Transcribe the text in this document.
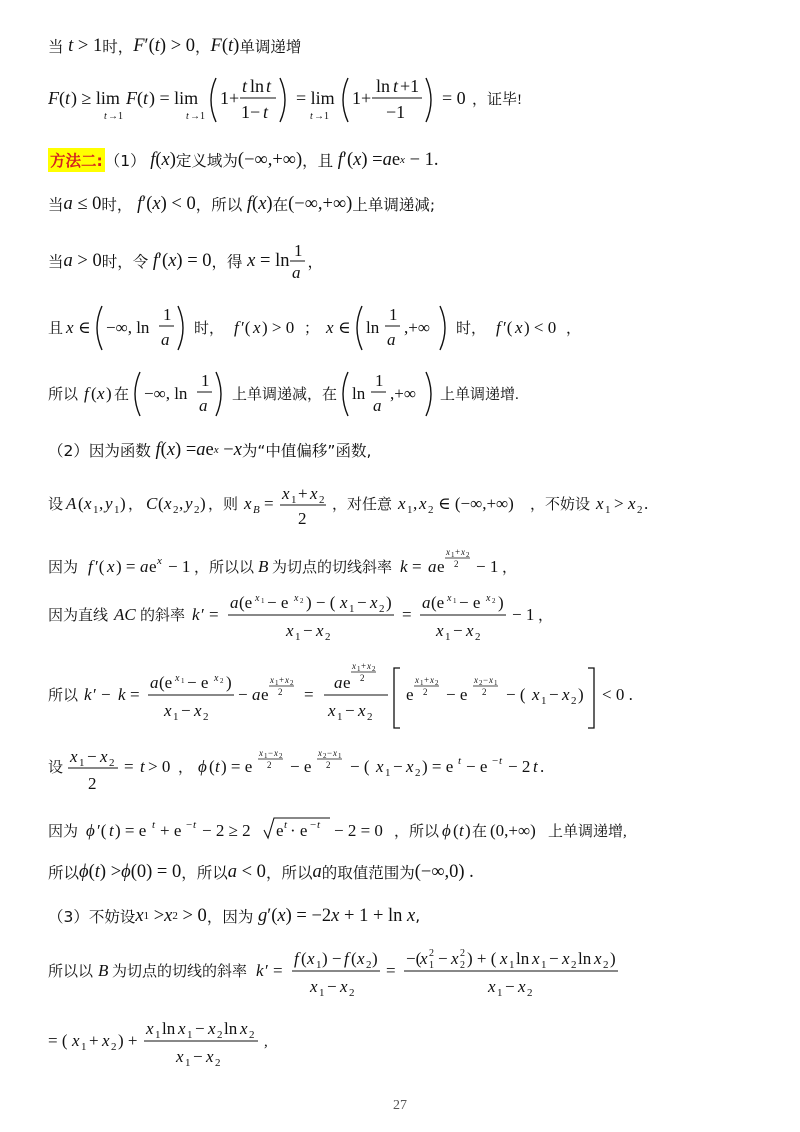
当 t > 1 时， F ′( t ) > 0 ， F ( t ) 单调递增
F ( t ) ≥ lim F ( t ) = lim
t →1	t →1
1+
t ln t
1− t
= lim
t →1
1+
ln t +1
−1
= 0 ，证毕!
方法二: （1） f ( x ) 定义域为 (−∞,+∞) ，且 f ′( x ) = a e x − 1.
当 a ≤ 0 时， f ′( x ) < 0 ，所以 f ( x ) 在 (−∞,+∞) 上单调递减;
当 a > 0 时，令 f ′( x ) = 0 ，得 x = ln 1
a
，
且 x ∈ −∞, ln
1
a
时， f ′( x ) > 0 ； x ∈ ln
1
a
,+∞ 时， f ′( x ) < 0 ，
所以 f ( x ) 在 −∞, ln
1
a
上单调递减，在 ln
1
a
,+∞ 上单调递增.
（2）因为函数 f ( x ) = a e x − x 为“中值偏移”函数,
设 A ( x 1 , y 1 ) ， C ( x 2 , y 2 ) ，则 x B =
x 1 + x 2
2
，对任意 x 1 , x 2 ∈ (−∞,+∞) ，不妨设 x 1 > x 2 .
因为 f ′( x ) = a e x − 1 ，所以以 B 为切点的切线斜率 k = a e
x 1 + x 2
2 − 1 ，
因为直线 AC 的斜率 k ′ =
a (e x 1 − e x 2 ) − ( x 1 − x 2 )
x 1 − x 2
=
a (e x 1 − e x 2 )
x 1 − x 2
− 1 ，
所以 k ′ − k =
a (e x 1 − e x 2 )
x 1 − x 2
− a e
x 1 + x 2
2 =
a e
x 1 + x 2
2
x 1 − x 2
e
x 1 + x 2
2 − e
x 2 − x 1
2 − ( x 1 − x 2 ) < 0 .
设
x 1 − x 2
2
= t > 0 ， ϕ ( t ) = e
x 1 − x 2
2 − e
x 2 − x 1
2 − ( x 1 − x 2 ) = e t − e − t − 2 t .
因为 ϕ ′( t ) = e t + e − t − 2 ≥ 2 e t · e − t − 2 = 0 ，所以 ϕ ( t ) 在 (0,+∞) 上单调递增,
所以 ϕ ( t ) > ϕ (0) = 0 ，所以 a < 0 ，所以 a 的取值范围为 (−∞,0) .
（3）不妨设 x 1 > x 2 > 0 ，因为 g ′( x ) = −2 x + 1 + ln x ,
所以以 B 为切点的切线的斜率 k ′ =
f ( x 1 ) − f ( x 2 )
x 1 − x 2
=
−(
x 2
1 − x 2
2 ) + ( x 1 ln x 1 − x 2 ln x 2 )
x 1 − x 2
= ( x 1 + x 2 ) +
x 1 ln x 1 − x 2 ln x 2
x 1 − x 2
,
27
